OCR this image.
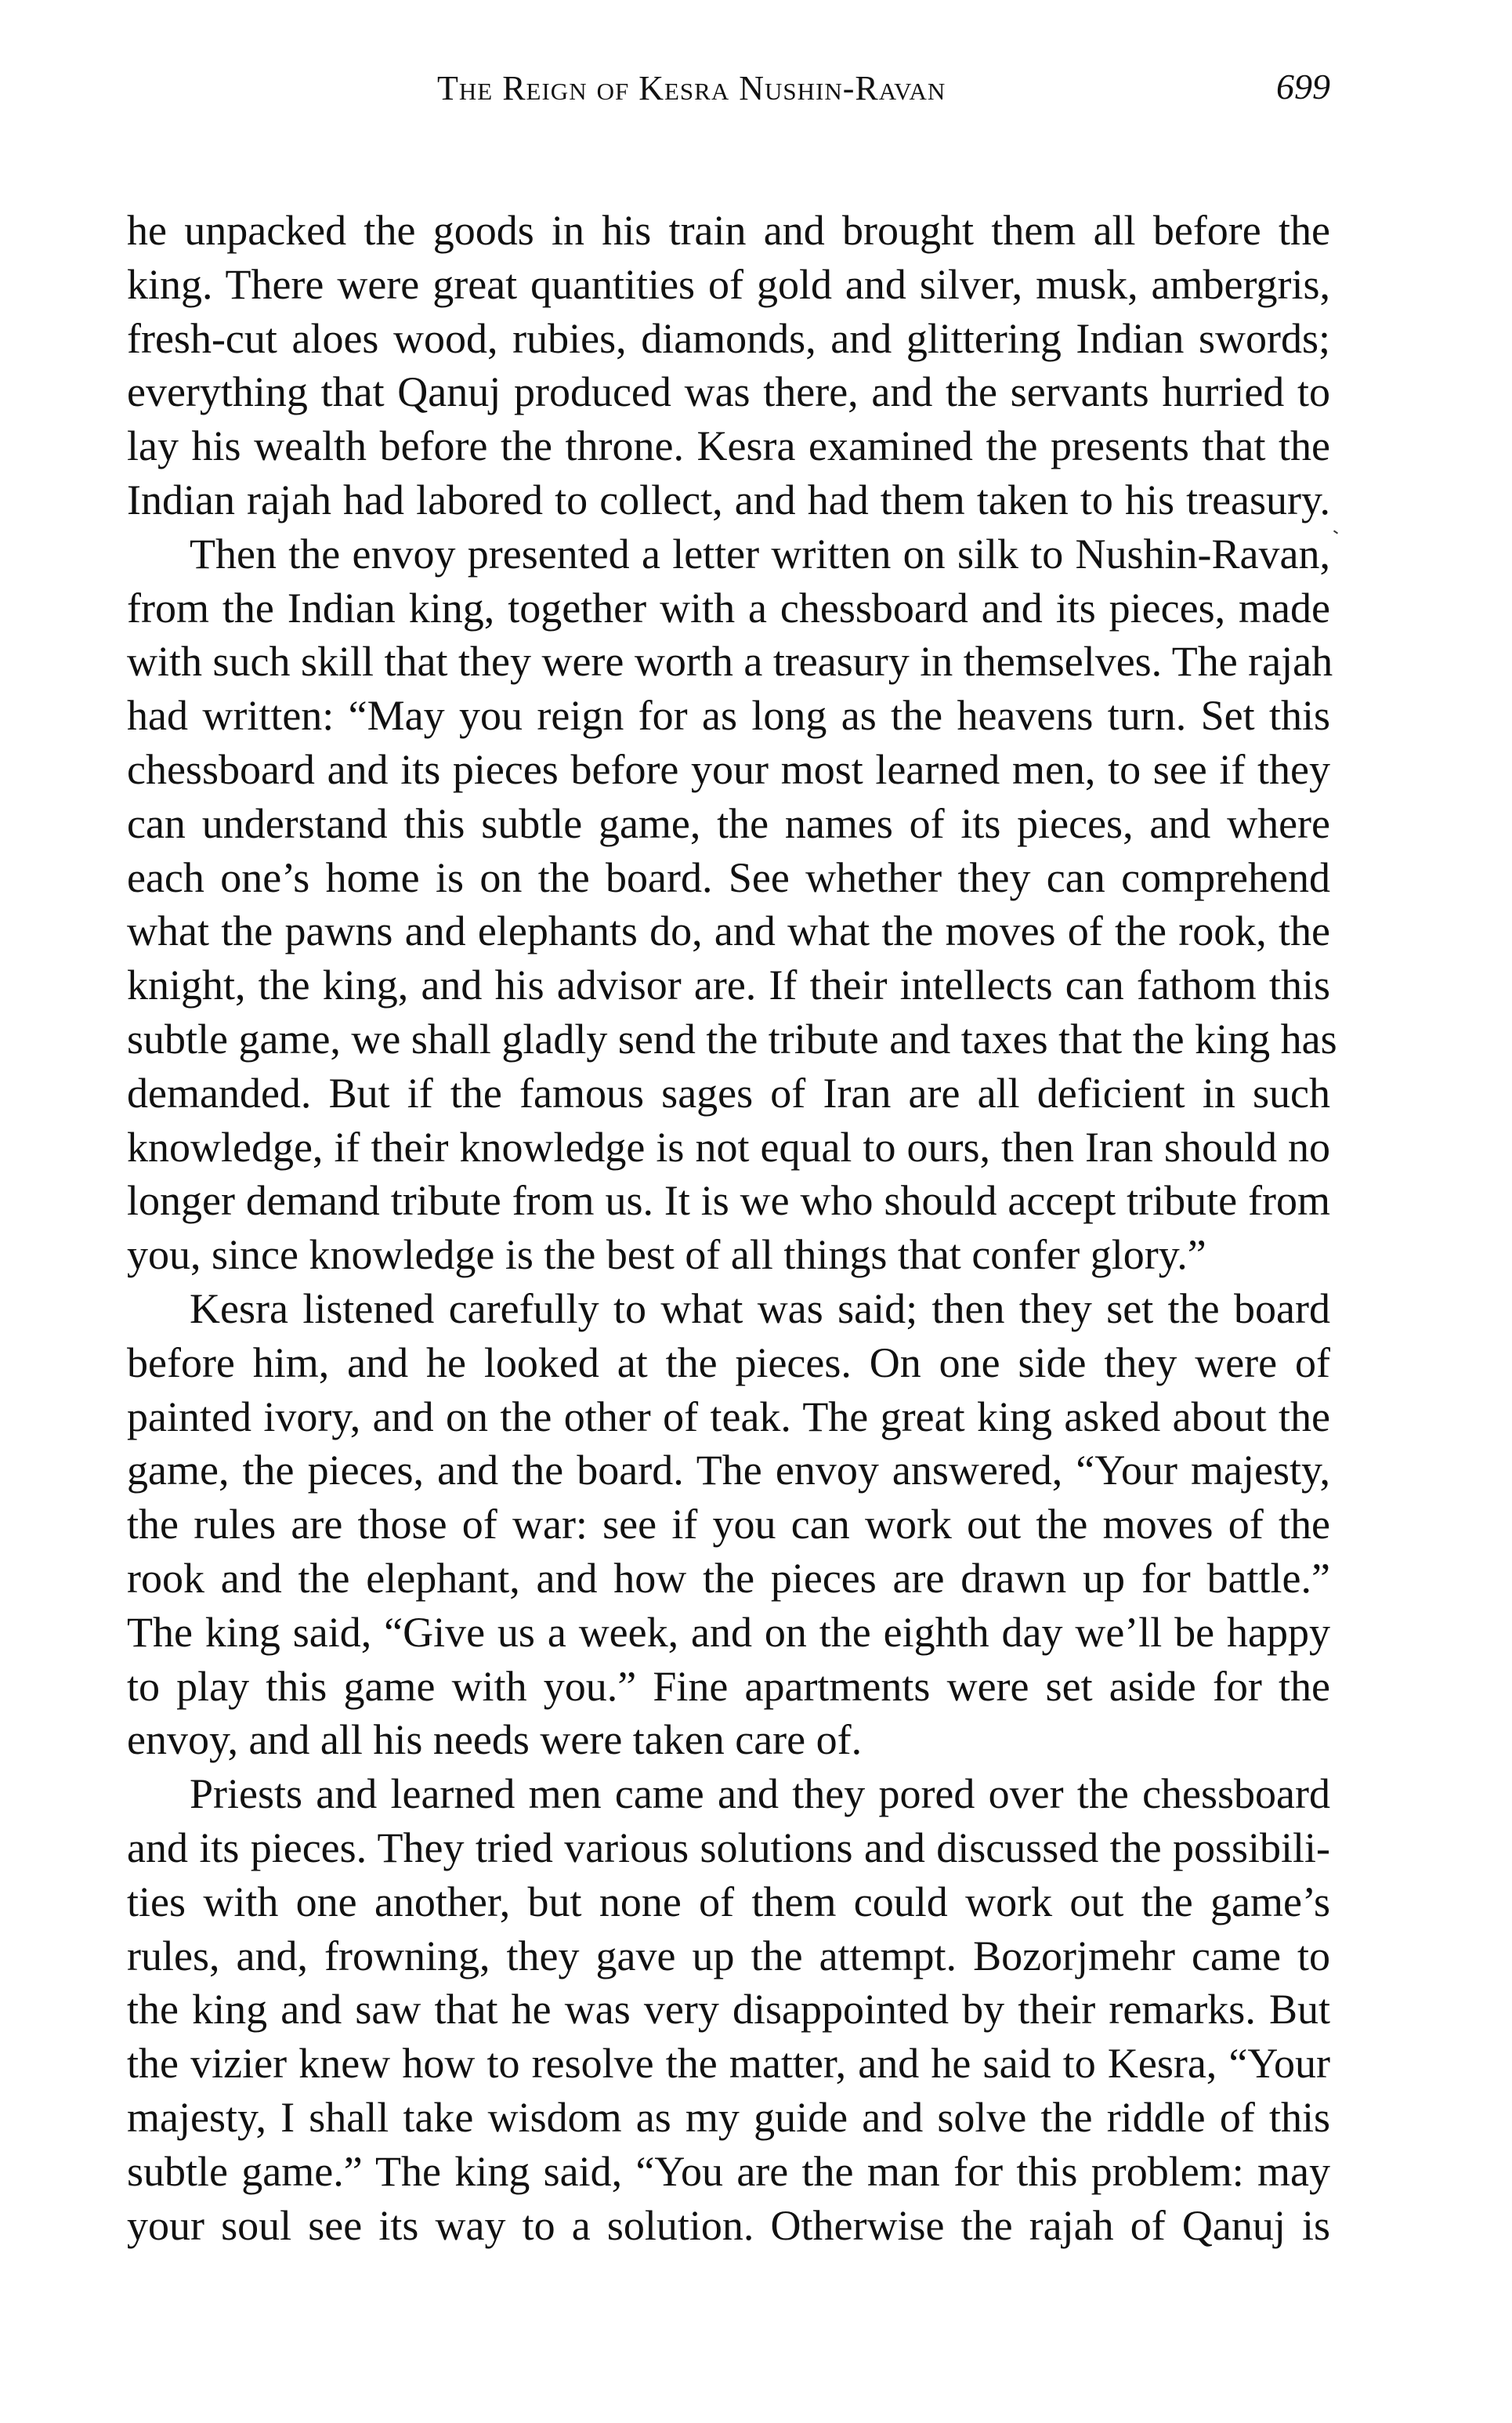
The Reign of Kesra Nushin-Ravan	699
he unpacked the goods in his train and brought them all before the
king. There were great quantities of gold and silver, musk, ambergris,
fresh-cut aloes wood, rubies, diamonds, and glittering Indian swords;
everything that Qanuj produced was there, and the servants hurried to
lay his wealth before the throne. Kesra examined the presents that the
Indian rajah had labored to collect, and had them taken to his treasury.
Then the envoy presented a letter written on silk to Nushin-Ravan,
from the Indian king, together with a chessboard and its pieces, made
with such skill that they were worth a treasury in themselves. The rajah
had written: “May you reign for as long as the heavens turn. Set this
chessboard and its pieces before your most learned men, to see if they
can understand this subtle game, the names of its pieces, and where
each one’s home is on the board. See whether they can comprehend
what the pawns and elephants do, and what the moves of the rook, the
knight, the king, and his advisor are. If their intellects can fathom this
subtle game, we shall gladly send the tribute and taxes that the king has
demanded. But if the famous sages of Iran are all deficient in such
knowledge, if their knowledge is not equal to ours, then Iran should no
longer demand tribute from us. It is we who should accept tribute from
you, since knowledge is the best of all things that confer glory.”
Kesra listened carefully to what was said; then they set the board
before him, and he looked at the pieces. On one side they were of
painted ivory, and on the other of teak. The great king asked about the
game, the pieces, and the board. The envoy answered, “Your majesty,
the rules are those of war: see if you can work out the moves of the
rook and the elephant, and how the pieces are drawn up for battle.”
The king said, “Give us a week, and on the eighth day we’ll be happy
to play this game with you.” Fine apartments were set aside for the
envoy, and all his needs were taken care of.
Priests and learned men came and they pored over the chessboard
and its pieces. They tried various solutions and discussed the possibili-
ties with one another, but none of them could work out the game’s
rules, and, frowning, they gave up the attempt. Bozorjmehr came to
the king and saw that he was very disappointed by their remarks. But
the vizier knew how to resolve the matter, and he said to Kesra, “Your
majesty, I shall take wisdom as my guide and solve the riddle of this
subtle game.” The king said, “You are the man for this problem: may
your soul see its way to a solution. Otherwise the rajah of Qanuj is
